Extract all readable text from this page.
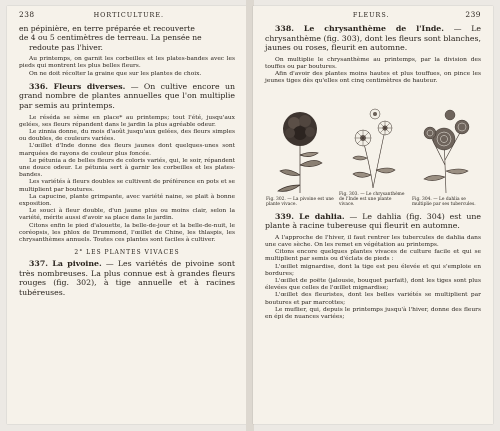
238	HORTICULTURE.

en pépinière, en terre préparée et recouverte

de 4 ou 5 centimètres de terreau. La pensée ne

redoute pas l'hiver.

Au printemps, on garnit les corbeilles et les plates-bandes avec les pieds qui montrent les plus belles fleurs.

On ne doit récolter la graine que sur les plantes de choix.

336. Fleurs diverses. — On cultive encore un grand nombre de plantes annuelles que l'on multiplie par semis au printemps.

Le réséda se sème en place* au printemps; tout l'été, jusqu'aux gelées, ses fleurs répandent dans le jardin la plus agréable odeur.

Le zinnia donne, du mois d'août jusqu'aux gelées, des fleurs simples ou doubles, de couleurs variées.

L'œillet d'Inde donne des fleurs jaunes dont quelques-unes sont marquées de rayons de couleur plus foncée.

Le pétunia a de belles fleurs de coloris variés, qui, le soir, répandent une douce odeur. Le pétunia sert à garnir les corbeilles et les plates-bandes.

Les variétés à fleurs doubles se cultivent de préférence en pots et se multiplient par boutures.

La capucine, plante grimpante, avec variété naine, se plait à bonne exposition.

Le souci à fleur double, d'un jaune plus ou moins clair, selon la variété, mérite aussi d'avoir sa place dans le jardin.

Citons enfin le pied d'alouette, la belle-de-jour et la belle-de-nuit, le coréopsis, les phlox de Drummond, l'œillet de Chine, les thlaspis, les chrysanthèmes annuels. Toutes ces plantes sont faciles à cultiver.

2° LES PLANTES VIVACES

337. La pivoine. — Les variétés de pivoine sont très nombreuses. La plus connue est à grandes fleurs rouges (fig. 302), à tige annuelle et à racines tubéreuses.

FLEURS.	239

338. Le chrysanthème de l'Inde. — Le chrysanthème (fig. 303), dont les fleurs sont blanches, jaunes ou roses, fleurit en automne.

On multiplie le chrysanthème au printemps, par la division des touffes ou par boutures.

Afin d'avoir des plantes moins hautes et plus touffues, on pince les jeunes tiges dès qu'elles ont cinq centimètres de hauteur.

Fig. 302. — La pivoine est une plante vivace.
Fig. 303. — Le chrysanthème de l'Inde est une plante vivace.
Fig. 304. — Le dahlia se multiplie par ses tubercules.

339. Le dahlia. — Le dahlia (fig. 304) est une plante à racine tubereuse qui fleurit en automne.

A l'approche de l'hiver, il faut rentrer les tubercules de dahlia dans une cave sèche. On les remet en végétation au printemps.

Citons encore quelques plantes vivaces de culture facile et qui se multiplient par semis ou d'éclats de pieds :

L'œillet mignardise, dont la tige est peu élevée et qui s'emploie en bordures;

L'œillet de poëte (jalousie, bouquet parfait), dont les tiges sont plus élevées que celles de l'œillet mignardise;

L'œillet des fleuristes, dont les belles variétés se multiplient par boutures et par marcottes;

Le muflier, qui, depuis le printemps jusqu'à l'hiver, donne des fleurs en épi de nuances variées;
